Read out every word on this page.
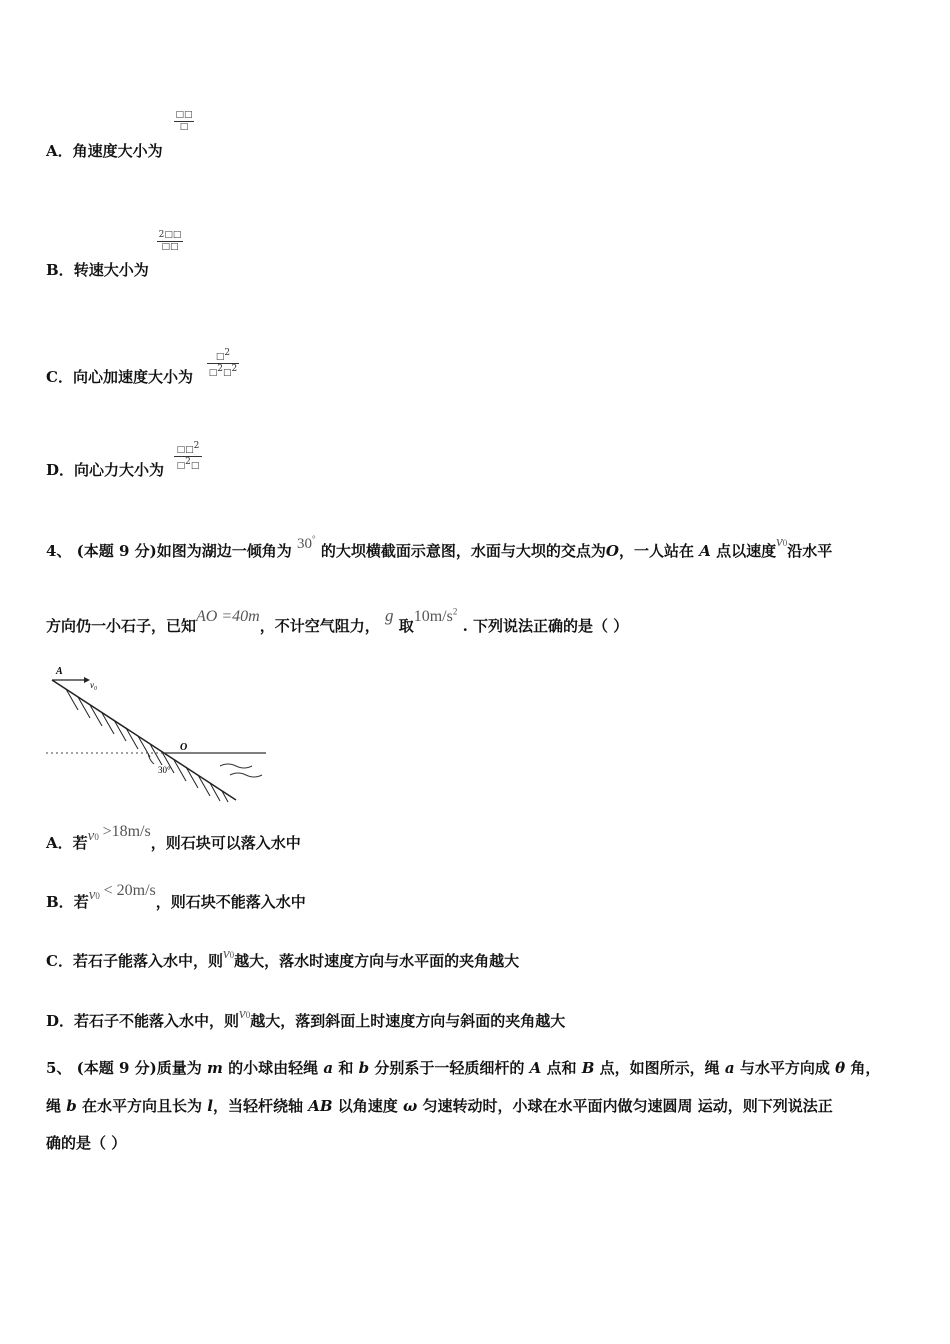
A．角速度大小为
□□
□
B．转速大小为
2□□
□□
C．向心加速度大小为 $\frac{□2}{□2□2}$
D．向心力大小为 $\frac{□□2}{□2□}$
4、 (本题 9 分)如图为湖边一倾角为 30° 的大坝横截面示意图，水面与大坝的交点为O，一人站在 A 点以速度v0沿水平
方向仍一小石子，已知AO =40m，不计空气阻力， g 取$10m/s^2$ . 下列说法正确的是（ ）
A
v₀
O
30°
A．若v0 >18m/s，则石块可以落入水中
B．若v0 < 20m/s，则石块不能落入水中
C．若石子能落入水中，则v0越大，落水时速度方向与水平面的夹角越大
D．若石子不能落入水中，则v0越大，落到斜面上时速度方向与斜面的夹角越大
5、 (本题 9 分)质量为 m 的小球由轻绳 a 和 b 分别系于一轻质细杆的 A 点和 B 点，如图所示，绳 a 与水平方向成 θ 角，
绳 b 在水平方向且长为 l，当轻杆绕轴 AB 以角速度 ω 匀速转动时，小球在水平面内做匀速圆周 运动，则下列说法正
确的是（ ）
